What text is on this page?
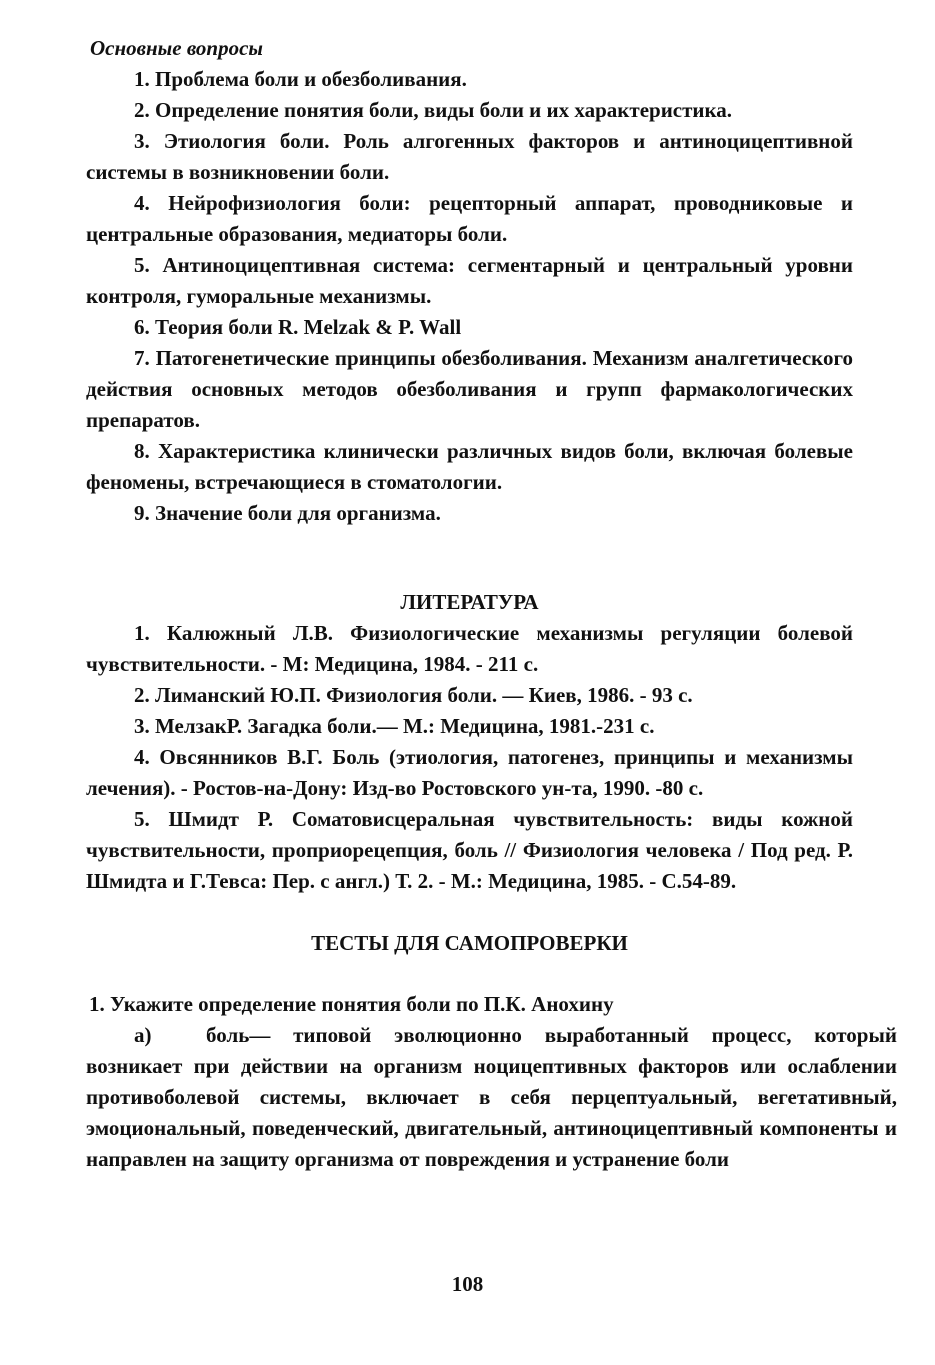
Основные вопросы

1. Проблема боли и обезболивания.

2. Определение понятия боли, виды боли и их характеристика.

3. Этиология боли. Роль алгогенных факторов и антиноцицептивной системы в возникновении боли.

4. Нейрофизиология боли: рецепторный аппарат, проводниковые и центральные образования, медиаторы боли.

5. Антиноцицептивная система: сегментарный и центральный уровни контроля, гуморальные механизмы.

6. Теория боли R. Melzak & P. Wall

7. Патогенетические принципы обезболивания. Механизм аналгетического действия основных методов обезболивания и групп фармакологических препаратов.

8. Характеристика клинически различных видов боли, включая болевые феномены, встречающиеся в стоматологии.

9. Значение боли для организма.

ЛИТЕРАТУРА

1. Калюжный Л.В. Физиологические механизмы регуляции болевой чувствительности. - М: Медицина, 1984. - 211 с.

2. Лиманский Ю.П. Физиология боли. — Киев, 1986. - 93 с.

3. МелзакР. Загадка боли.— М.: Медицина, 1981.-231 с.

4. Овсянников В.Г. Боль (этиология, патогенез, принципы и механизмы лечения). - Ростов-на-Дону: Изд-во Ростовского ун-та, 1990. -80 с.

5. Шмидт Р. Соматовисцеральная чувствительность: виды кожной чувствительности, проприорецепция, боль // Физиология человека / Под ред. Р. Шмидта и Г.Тевса: Пер. с англ.) Т. 2. - М.: Медицина, 1985. - С.54-89.

ТЕСТЫ ДЛЯ САМОПРОВЕРКИ

1. Укажите определение понятия боли по П.К. Анохину

а)	боль— типовой эволюционно выработанный процесс, который возникает при действии на организм ноцицептивных факторов или ослаблении противоболевой системы, включает в себя перцептуальный, вегетативный, эмоциональный, поведенческий, двигательный, антиноцицептивный компоненты и направлен на защиту организма от повреждения и устранение боли

108
